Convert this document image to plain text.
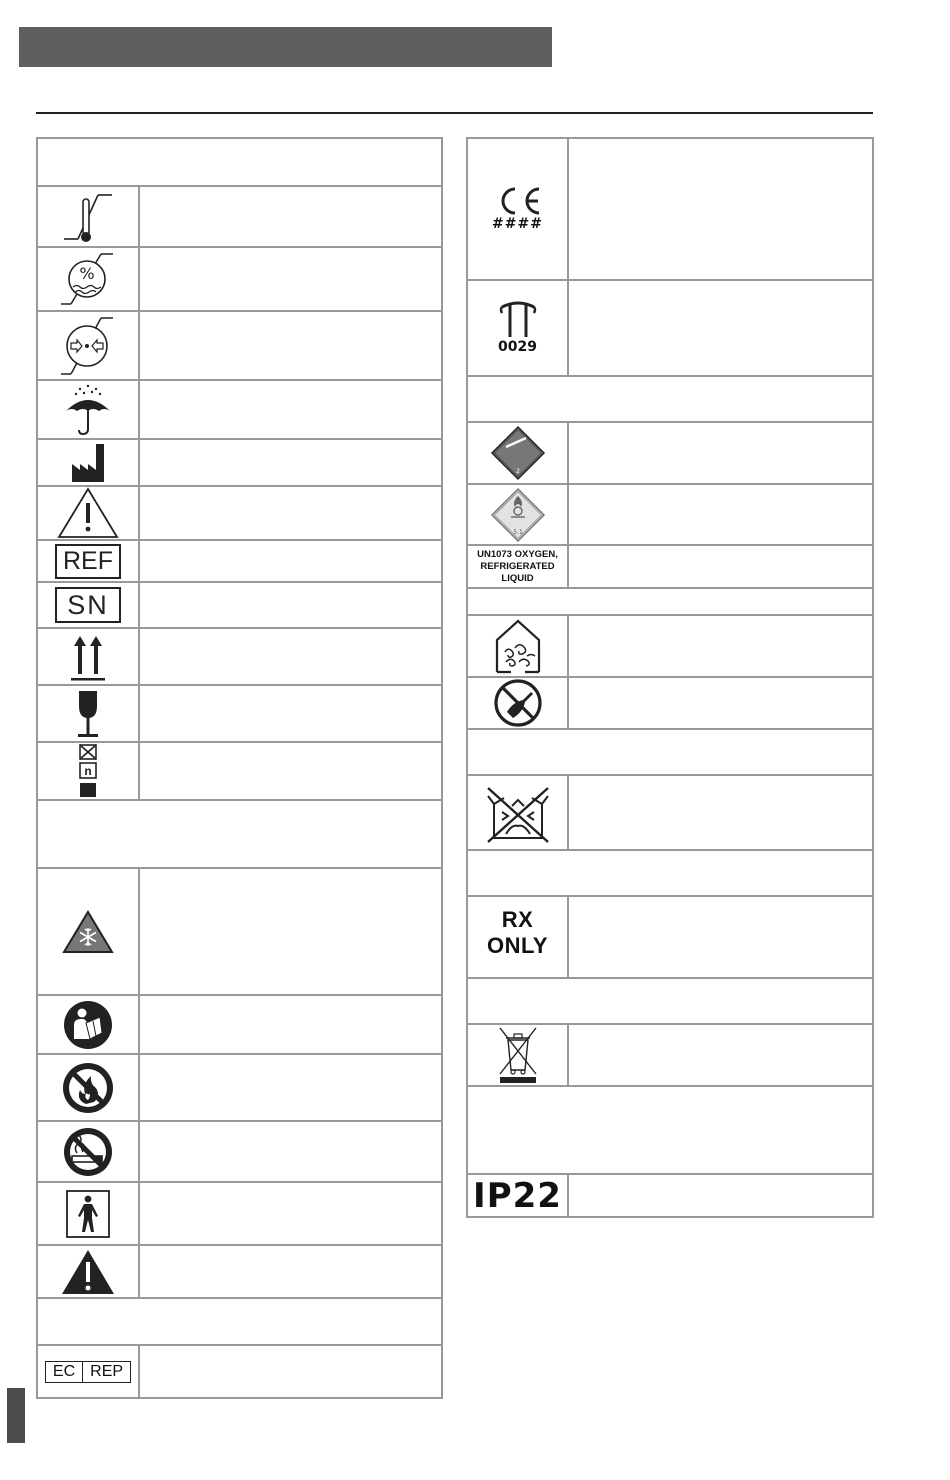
%	

REF	
SN	

n	

EC REP	

####	

0029	

2	

5.1	

UN1073 OXYGEN,
REFRIGERATED LIQUID	

RX ONLY	

IP22	
